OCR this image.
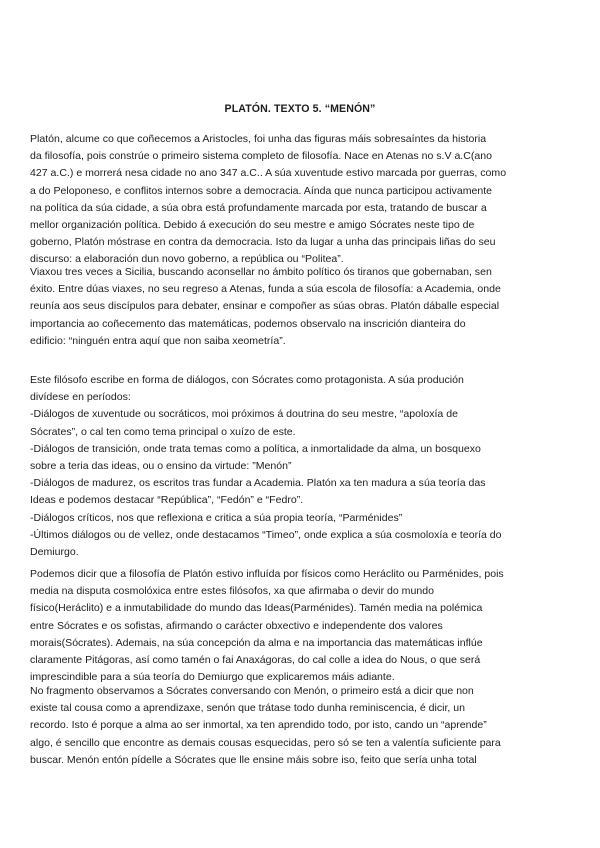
PLATÓN. TEXTO 5. “MENÓN”
Platón, alcume co que coñecemos a Aristocles, foi unha das figuras máis sobresaíntes da historia
da filosofía, pois constrúe o primeiro sistema completo de filosofía. Nace en Atenas no s.V a.C(ano
427 a.C.) e morrerá nesa cidade no ano 347 a.C.. A súa xuventude estivo marcada por guerras, como
a do Peloponeso, e conflitos internos sobre a democracia. Aínda que nunca participou activamente
na política da súa cidade, a súa obra está profundamente marcada por esta, tratando de buscar a
mellor organización política. Debido á execución do seu mestre e amigo Sócrates neste tipo de
goberno, Platón móstrase en contra da democracia. Isto da lugar a unha das principais liñas do seu
discurso: a elaboración dun novo goberno, a república ou “Politea”.
Viaxou tres veces a Sicilia, buscando aconsellar no ámbito político ós tiranos que gobernaban, sen
éxito. Entre dúas viaxes, no seu regreso a Atenas, funda a súa escola de filosofía: a Academia, onde
reunía aos seus discípulos para debater, ensinar e compoñer as súas obras. Platón dáballe especial
importancia ao coñecemento das matemáticas, podemos observalo na inscrición dianteira do
edificio: “ninguén entra aquí que non saiba xeometría”.
Este filósofo escribe en forma de diálogos, con Sócrates como protagonista. A súa produción
divídese en períodos:
-Diálogos de xuventude ou socráticos, moi próximos á doutrina do seu mestre, “apoloxía de
Sócrates”, o cal ten como tema principal o xuízo de este.
-Diálogos de transición, onde trata temas como a política, a inmortalidade da alma, un bosquexo
sobre a teria das ideas, ou o ensino da virtude: ”Menón”
-Diálogos de madurez, os escritos tras fundar a Academia. Platón xa ten madura a súa teoría das
Ideas e podemos destacar “República”, “Fedón” e “Fedro”.
-Diálogos críticos, nos que reflexiona e critica a súa propia teoría, “Parménides”
-Últimos diálogos ou de vellez, onde destacamos “Timeo”, onde explica a súa cosmoloxía e teoría do
Demiurgo.
Podemos dicir que a filosofía de Platón estivo influída por físicos como Heráclito ou Parménides, pois
media na disputa cosmolóxica entre estes filósofos, xa que afirmaba o devir do mundo
físico(Heráclito) e a inmutabilidade do mundo das Ideas(Parménides). Tamén media na polémica
entre Sócrates e os sofistas, afirmando o carácter obxectivo e independente dos valores
morais(Sócrates). Ademais, na súa concepción da alma e na importancia das matemáticas inflúe
claramente Pitágoras, así como tamén o fai Anaxágoras, do cal colle a idea do Nous, o que será
imprescindible para a súa teoría do Demiurgo que explicaremos máis adiante.
No fragmento observamos a Sócrates conversando con Menón, o primeiro está a dicir que non
existe tal cousa como a aprendizaxe, senón que trátase todo dunha reminiscencia, é dicir, un
recordo. Isto é porque a alma ao ser inmortal, xa ten aprendido todo, por isto, cando un “aprende”
algo, é sencillo que encontre as demais cousas esquecidas, pero só se ten a valentía suficiente para
buscar. Menón entón pídelle a Sócrates que lle ensine máis sobre iso, feito que sería unha total
